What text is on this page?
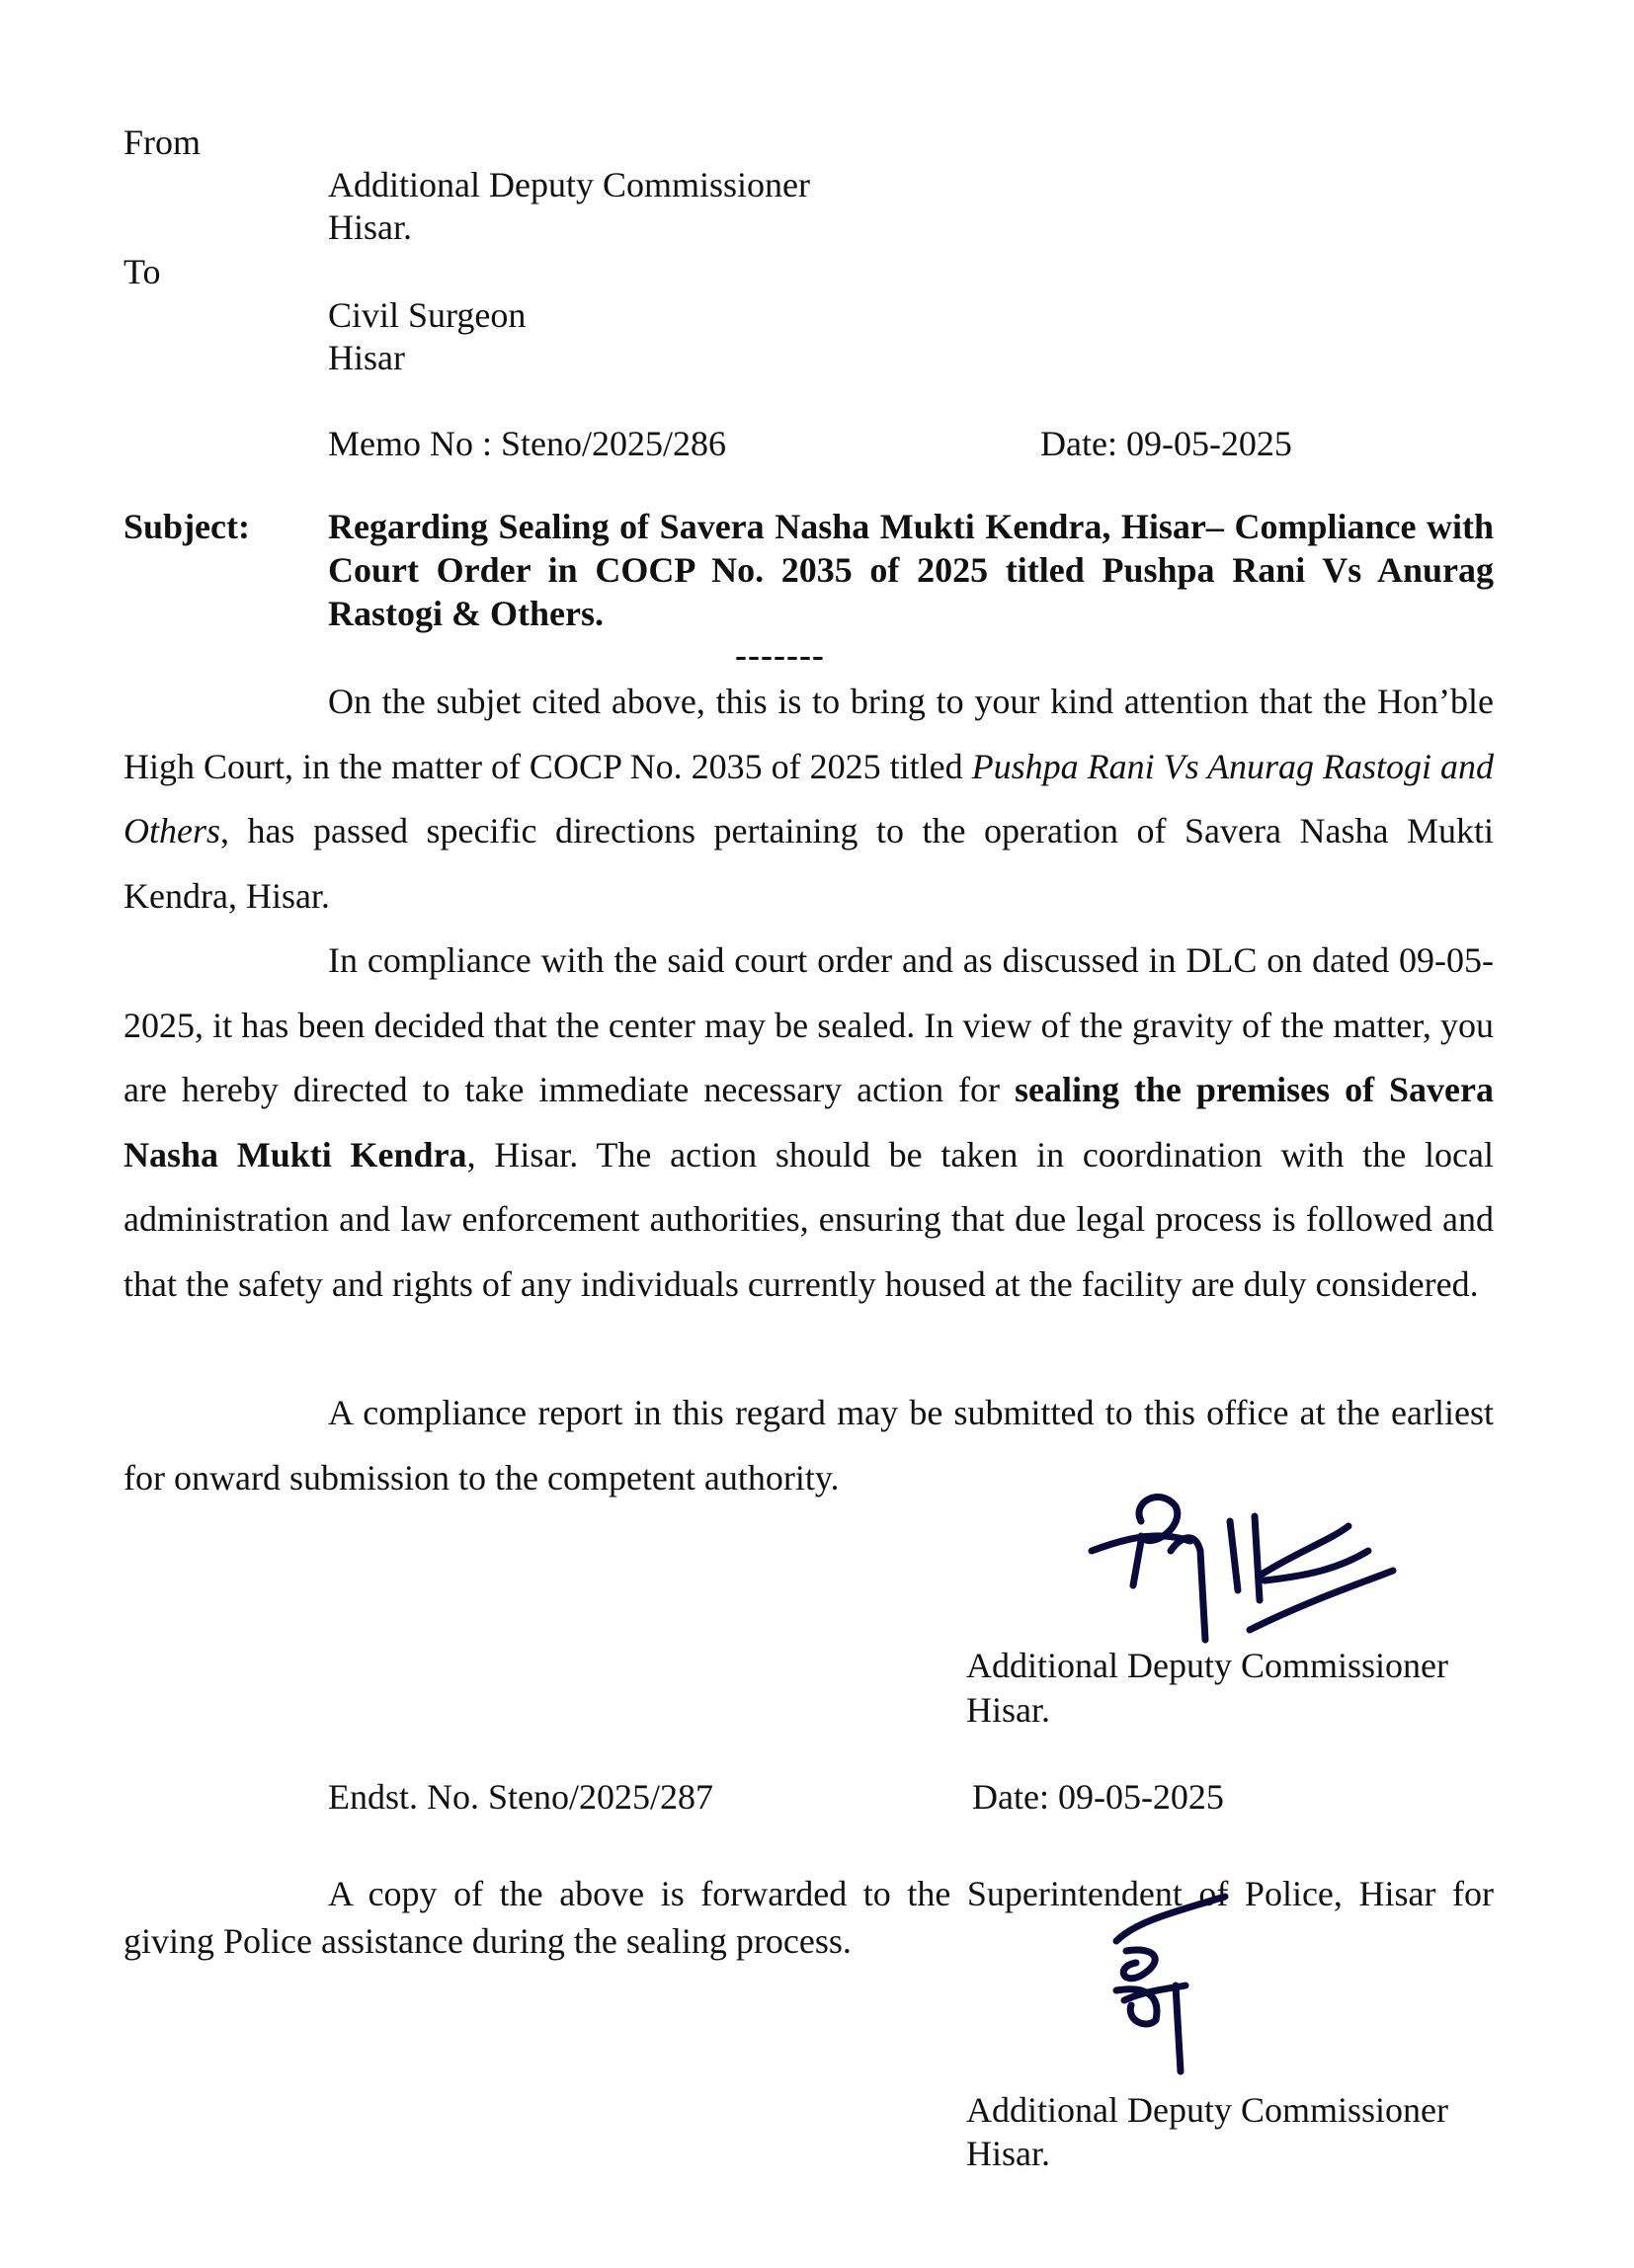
From
Additional Deputy Commissioner
Hisar.
To
Civil Surgeon
Hisar
Memo No : Steno/2025/286	Date: 09-05-2025
Subject: Regarding Sealing of Savera Nasha Mukti Kendra, Hisar– Compliance with Court Order in COCP No. 2035 of 2025 titled Pushpa Rani Vs Anurag Rastogi & Others.
-------
On the subjet cited above, this is to bring to your kind attention that the Hon’ble High Court, in the matter of COCP No. 2035 of 2025 titled Pushpa Rani Vs Anurag Rastogi and Others, has passed specific directions pertaining to the operation of Savera Nasha Mukti Kendra, Hisar.
In compliance with the said court order and as discussed in DLC on dated 09-05-2025, it has been decided that the center may be sealed. In view of the gravity of the matter, you are hereby directed to take immediate necessary action for sealing the premises of Savera Nasha Mukti Kendra, Hisar. The action should be taken in coordination with the local administration and law enforcement authorities, ensuring that due legal process is followed and that the safety and rights of any individuals currently housed at the facility are duly considered.
A compliance report in this regard may be submitted to this office at the earliest for onward submission to the competent authority.
Additional Deputy Commissioner
Hisar.
Endst. No. Steno/2025/287	Date: 09-05-2025
A copy of the above is forwarded to the Superintendent of Police, Hisar for giving Police assistance during the sealing process.
Additional Deputy Commissioner
Hisar.
